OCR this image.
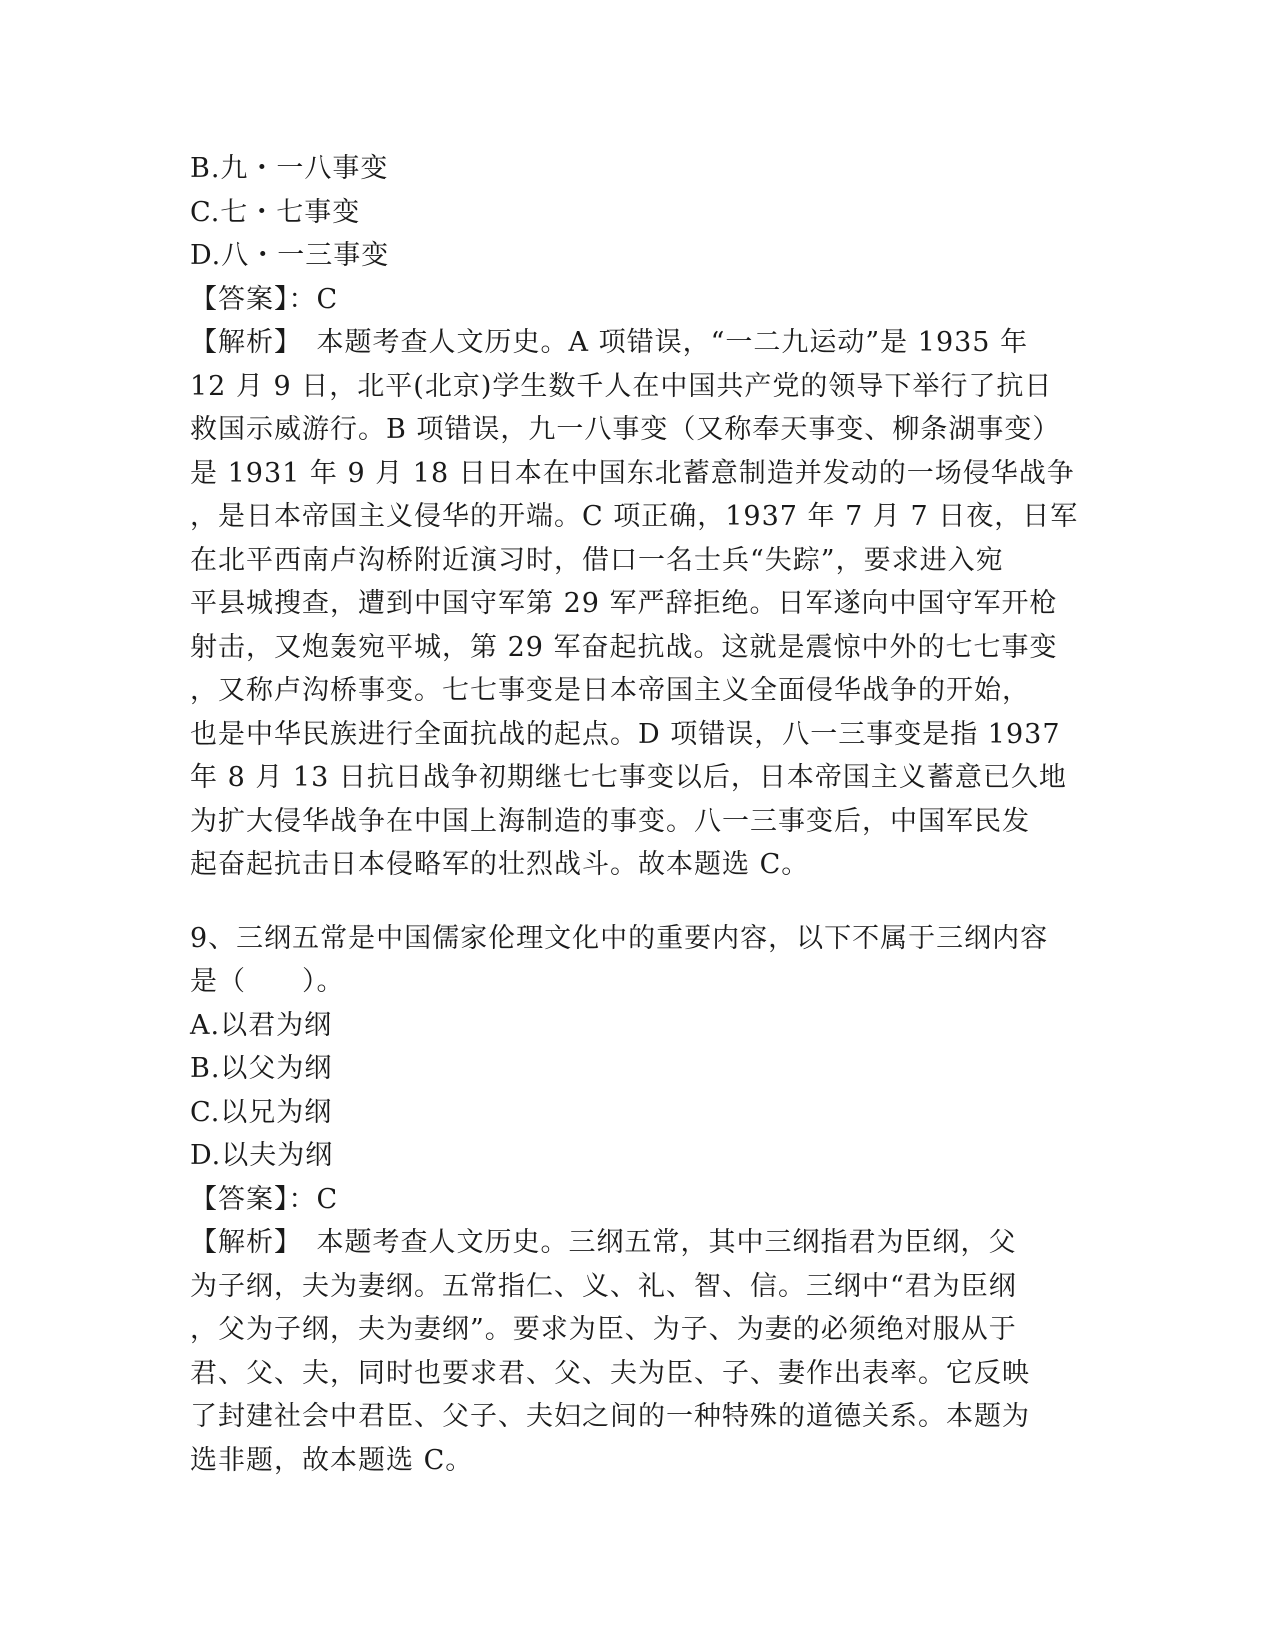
B.九・一八事变
C.七・七事变
D.八・一三事变
【答案】：C
【解析】　本题考查人文历史。A 项错误，“一二九运动”是 1935 年
12 月 9 日，北平(北京)学生数千人在中国共产党的领导下举行了抗日
救国示威游行。B 项错误，九一八事变（又称奉天事变、柳条湖事变）
是 1931 年 9 月 18 日日本在中国东北蓄意制造并发动的一场侵华战争
，是日本帝国主义侵华的开端。C 项正确，1937 年 7 月 7 日夜，日军
在北平西南卢沟桥附近演习时，借口一名士兵“失踪”，要求进入宛
平县城搜查，遭到中国守军第 29 军严辞拒绝。日军遂向中国守军开枪
射击，又炮轰宛平城，第 29 军奋起抗战。这就是震惊中外的七七事变
，又称卢沟桥事变。七七事变是日本帝国主义全面侵华战争的开始，
也是中华民族进行全面抗战的起点。D 项错误，八一三事变是指 1937
年 8 月 13 日抗日战争初期继七七事变以后，日本帝国主义蓄意已久地
为扩大侵华战争在中国上海制造的事变。八一三事变后，中国军民发
起奋起抗击日本侵略军的壮烈战斗。故本题选 C。
9、三纲五常是中国儒家伦理文化中的重要内容，以下不属于三纲内容
是（　　）。
A.以君为纲
B.以父为纲
C.以兄为纲
D.以夫为纲
【答案】：C
【解析】　本题考查人文历史。三纲五常，其中三纲指君为臣纲，父
为子纲，夫为妻纲。五常指仁、义、礼、智、信。三纲中“君为臣纲
，父为子纲，夫为妻纲”。要求为臣、为子、为妻的必须绝对服从于
君、父、夫，同时也要求君、父、夫为臣、子、妻作出表率。它反映
了封建社会中君臣、父子、夫妇之间的一种特殊的道德关系。本题为
选非题，故本题选 C。
